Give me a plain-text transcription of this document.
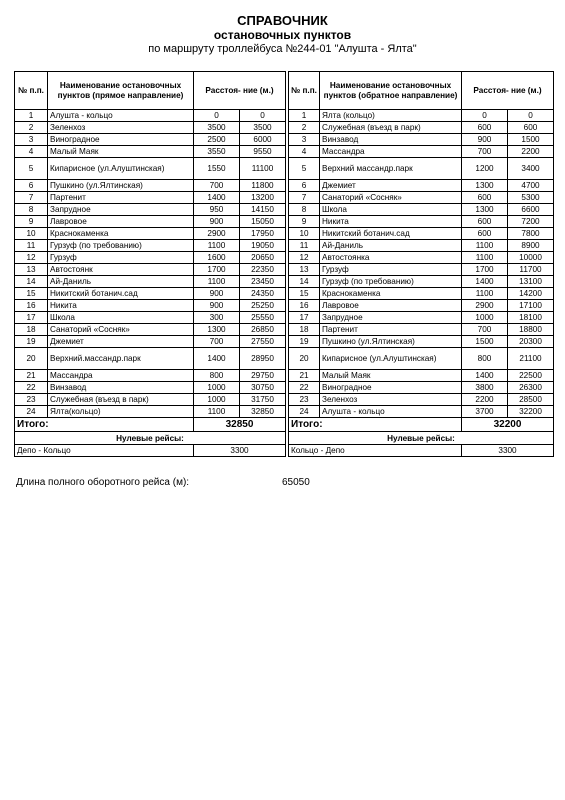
СПРАВОЧНИК
остановочных пунктов
по маршруту троллейбуса №244-01 "Алушта - Ялта"
№ п.п.	Наименование остановочных пунктов (прямое направление)	Расстоя- ние (м.)	
1	Алушта - кольцо	0	0
2	Зеленхоз	3500	3500
3	Виноградное	2500	6000
4	Малый Маяк	3550	9550
5	Кипарисное (ул.Алуштинская)	1550	11100
6	Пушкино (ул.Ялтинская)	700	11800
7	Партенит	1400	13200
8	Запрудное	950	14150
9	Лавровое	900	15050
10	Краснокаменка	2900	17950
11	Гурзуф (по требованию)	1100	19050
12	Гурзуф	1600	20650
13	Автостоянк	1700	22350
14	Ай-Даниль	1100	23450
15	Никитский ботанич.сад	900	24350
16	Никита	900	25250
17	Школа	300	25550
18	Санаторий «Сосняк»	1300	26850
19	Джемиет	700	27550
20	Верхний.массандр.парк	1400	28950
21	Массандра	800	29750
22	Винзавод	1000	30750
23	Служебная (въезд в парк)	1000	31750
24	Ялта(кольцо)	1100	32850
Итого:		32850	
Нулевые рейсы:			
Депо - Кольцо		3300	
№ п.п.	Наименование остановочных пунктов (обратное направление)	Расстоя- ние (м.)	
1	Ялта (кольцо)	0	0
2	Служебная (въезд в парк)	600	600
3	Винзавод	900	1500
4	Массандра	700	2200
5	Верхний массандр.парк	1200	3400
6	Джемиет	1300	4700
7	Санаторий «Сосняк»	600	5300
8	Школа	1300	6600
9	Никита	600	7200
10	Никитский ботанич.сад	600	7800
11	Ай-Даниль	1100	8900
12	Автостоянка	1100	10000
13	Гурзуф	1700	11700
14	Гурзуф (по требованию)	1400	13100
15	Краснокаменка	1100	14200
16	Лавровое	2900	17100
17	Запрудное	1000	18100
18	Партенит	700	18800
19	Пушкино (ул.Ялтинская)	1500	20300
20	Кипарисное (ул.Алуштинская)	800	21100
21	Малый Маяк	1400	22500
22	Виноградное	3800	26300
23	Зеленхоз	2200	28500
24	Алушта - кольцо	3700	32200
Итого:		32200	
Нулевые рейсы:			
Кольцо - Депо		3300	
Длина полного оборотного рейса (м):	65050
